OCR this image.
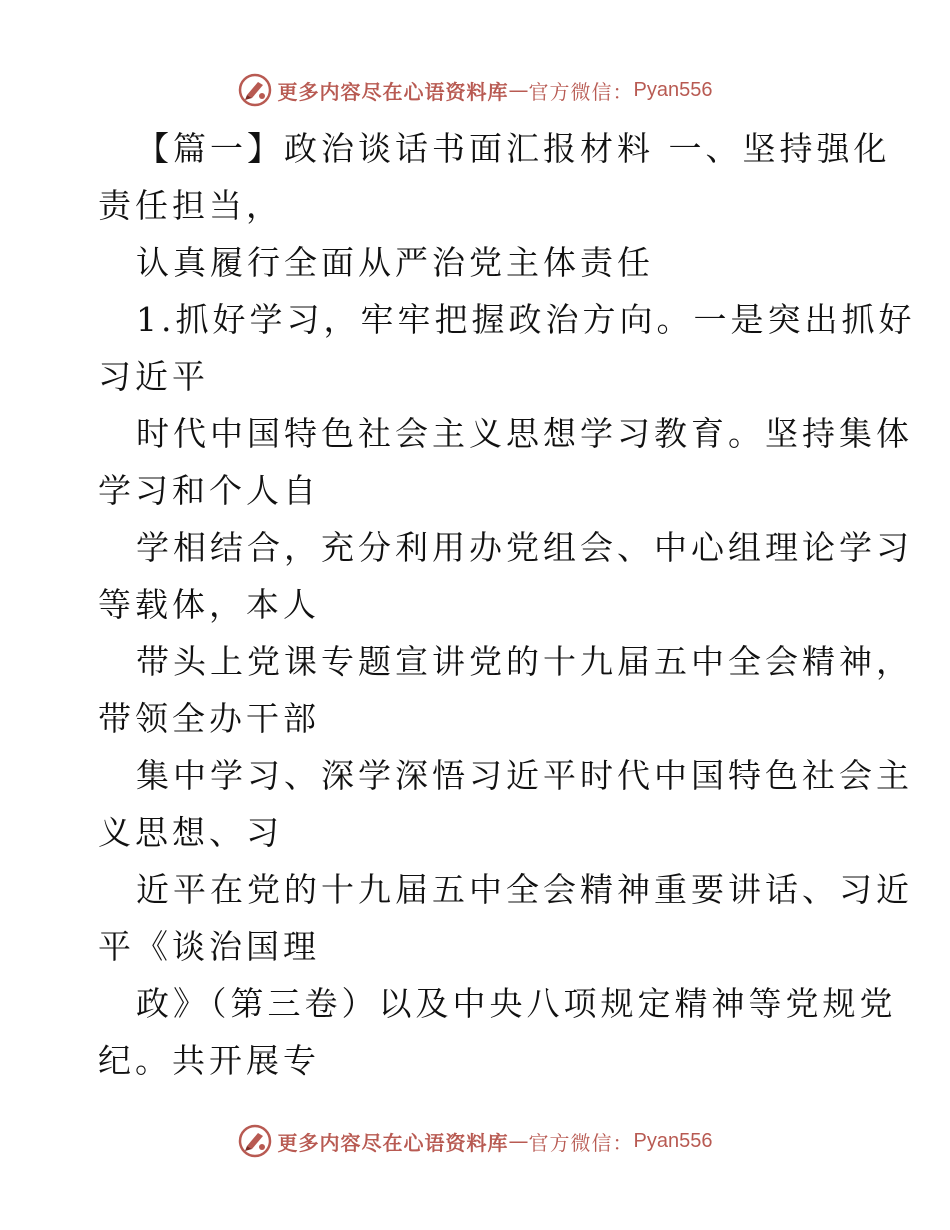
更多内容尽在心语资料库 — 官方微信： Pyan556
【篇一】政治谈话书面汇报材料 一、坚持强化
责任担当，
认真履行全面从严治党主体责任
1.抓好学习，牢牢把握政治方向。一是突出抓好
习近平
时代中国特色社会主义思想学习教育。坚持集体
学习和个人自
学相结合，充分利用办党组会、中心组理论学习
等载体，本人
带头上党课专题宣讲党的十九届五中全会精神，
带领全办干部
集中学习、深学深悟习近平时代中国特色社会主
义思想、习
近平在党的十九届五中全会精神重要讲话、习近
平《谈治国理
政》（第三卷）以及中央八项规定精神等党规党
纪。共开展专
更多内容尽在心语资料库 — 官方微信： Pyan556
